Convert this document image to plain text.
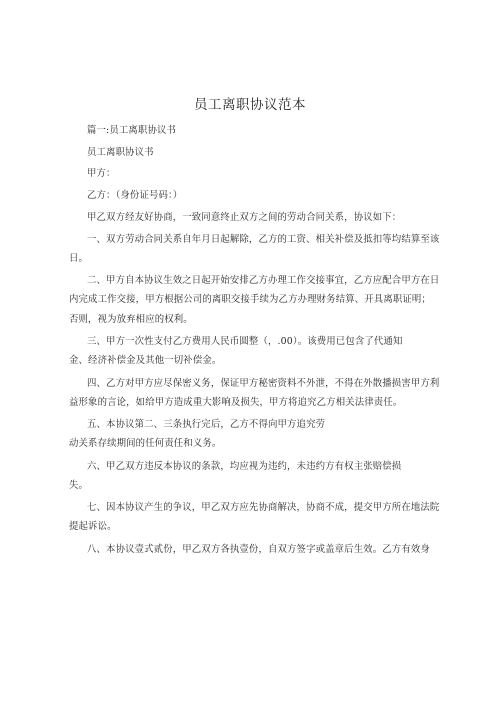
员工离职协议范本
篇一:员工离职协议书
员工离职协议书
甲方：
乙方：（身份证号码：）
甲乙双方经友好协商，一致同意终止双方之间的劳动合同关系，协议如下：
一、双方劳动合同关系自年月日起解除，乙方的工资、相关补偿及抵扣等均结算至该
日。
二、甲方自本协议生效之日起开始安排乙方办理工作交接事宜，乙方应配合甲方在日
内完成工作交接，甲方根据公司的离职交接手续为乙方办理财务结算、开具离职证明；
否则，视为放弃相应的权利。
三、甲方一次性支付乙方费用人民币圆整（，.00）。该费用已包含了代通知
金、经济补偿金及其他一切补偿金。
四、乙方对甲方应尽保密义务，保证甲方秘密资料不外泄，不得在外散播损害甲方利
益形象的言论，如给甲方造成重大影响及损失，甲方将追究乙方相关法律责任。
五、本协议第二、三条执行完后，乙方不得向甲方追究劳
动关系存续期间的任何责任和义务。
六、甲乙双方违反本协议的条款，均应视为违约，未违约方有权主张赔偿损
失。
七、因本协议产生的争议，甲乙双方应先协商解决，协商不成，提交甲方所在地法院
提起诉讼。
八、本协议壹式贰份，甲乙双方各执壹份，自双方签字或盖章后生效。乙方有效身
